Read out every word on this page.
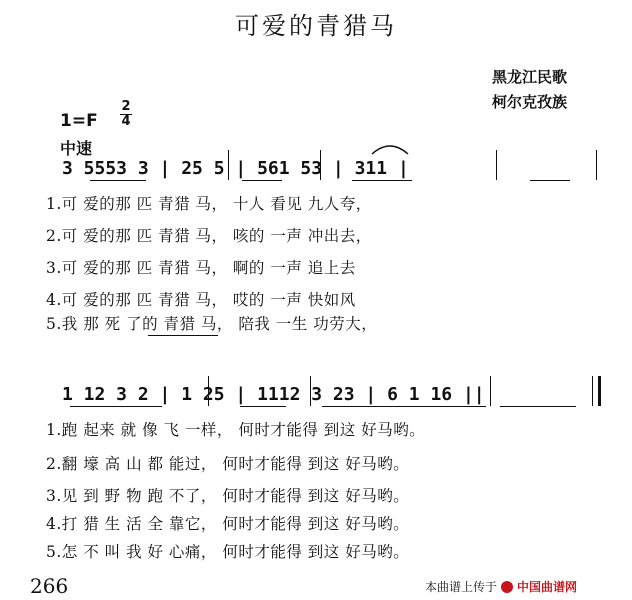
可爱的青猎马
黑龙江民歌
柯尔克孜族
1=F
2
4
中速
3 5553 3 | 25 5 | 561 53 | 311 |
1.可 爱的那 匹 青猎 马， 十人 看见 九人夸，
2.可 爱的那 匹 青猎 马， 咳的 一声 冲出去，
3.可 爱的那 匹 青猎 马， 啊的 一声 追上去
4.可 爱的那 匹 青猎 马， 哎的 一声 快如风
5.我 那 死 了的 青猎 马， 陪我 一生 功劳大，
1 12 3 2 | 1 25 | 1112 3 23 | 6 1 16 ||
1.跑 起来 就 像 飞 一样， 何时才能得 到这 好马哟。
2.翻 壕 高 山 都 能过， 何时才能得 到这 好马哟。
3.见 到 野 物 跑 不了， 何时才能得 到这 好马哟。
4.打 猎 生 活 全 靠它， 何时才能得 到这 好马哟。
5.怎 不 叫 我 好 心痛， 何时才能得 到这 好马哟。
266	本曲谱上传于 中国曲谱网
